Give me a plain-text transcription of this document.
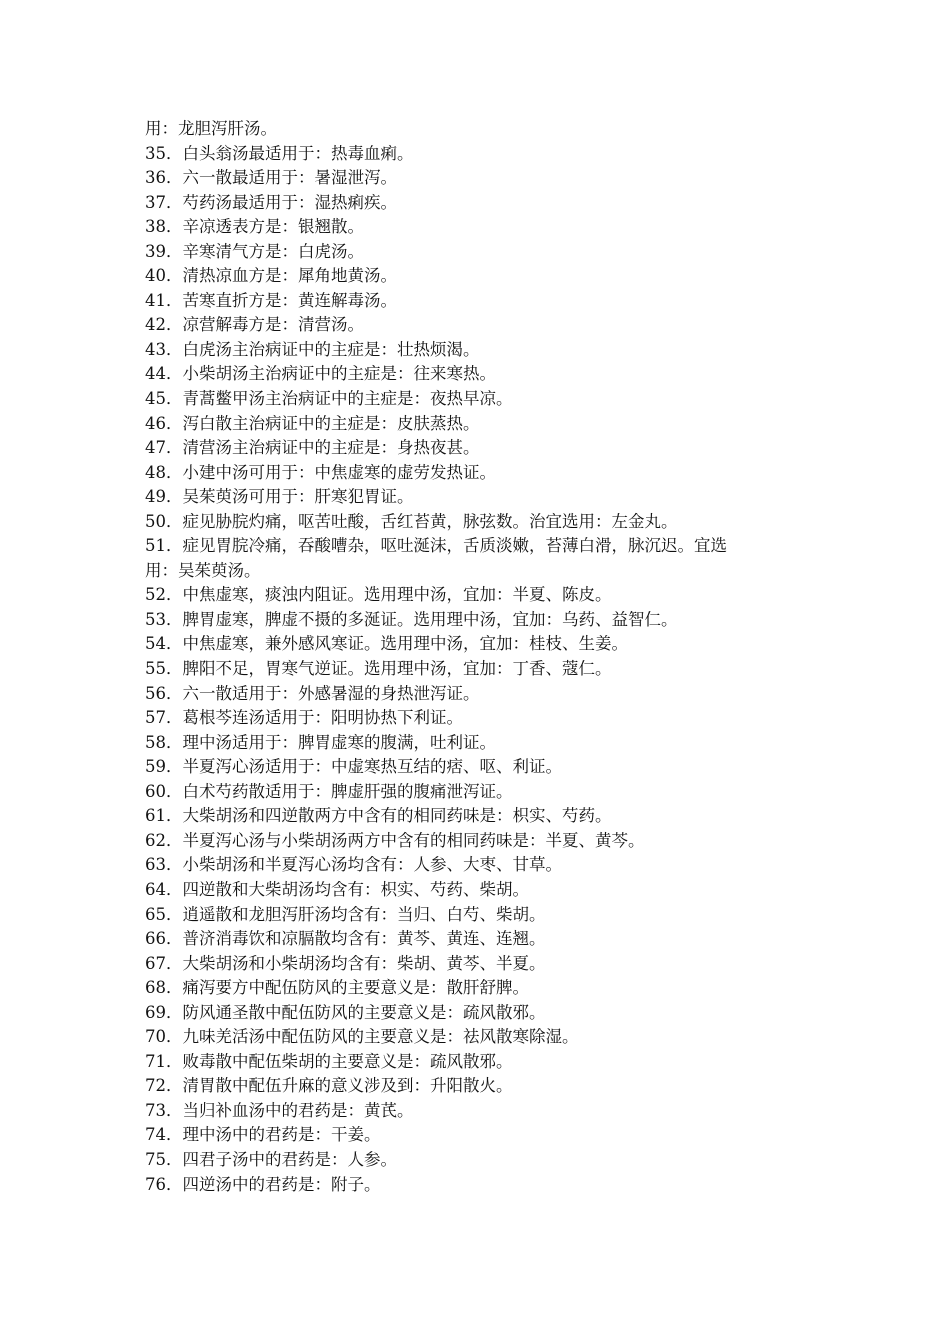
用：龙胆泻肝汤。
35．白头翁汤最适用于：热毒血痢。
36．六一散最适用于：暑湿泄泻。
37．芍药汤最适用于：湿热痢疾。
38．辛凉透表方是：银翘散。
39．辛寒清气方是：白虎汤。
40．清热凉血方是：犀角地黄汤。
41．苦寒直折方是：黄连解毒汤。
42．凉营解毒方是：清营汤。
43．白虎汤主治病证中的主症是：壮热烦渴。
44．小柴胡汤主治病证中的主症是：往来寒热。
45．青蒿鳖甲汤主治病证中的主症是：夜热早凉。
46．泻白散主治病证中的主症是：皮肤蒸热。
47．清营汤主治病证中的主症是：身热夜甚。
48．小建中汤可用于：中焦虚寒的虚劳发热证。
49．吴茱萸汤可用于：肝寒犯胃证。
50．症见胁脘灼痛，呕苦吐酸，舌红苔黄，脉弦数。治宜选用：左金丸。
51．症见胃脘冷痛，吞酸嘈杂，呕吐涎沫，舌质淡嫩，苔薄白滑，脉沉迟。宜选
用：吴茱萸汤。
52．中焦虚寒，痰浊内阻证。选用理中汤，宜加：半夏、陈皮。
53．脾胃虚寒，脾虚不摄的多涎证。选用理中汤，宜加：乌药、益智仁。
54．中焦虚寒，兼外感风寒证。选用理中汤，宜加：桂枝、生姜。
55．脾阳不足，胃寒气逆证。选用理中汤，宜加：丁香、蔻仁。
56．六一散适用于：外感暑湿的身热泄泻证。
57．葛根芩连汤适用于：阳明协热下利证。
58．理中汤适用于：脾胃虚寒的腹满，吐利证。
59．半夏泻心汤适用于：中虚寒热互结的痞、呕、利证。
60．白术芍药散适用于：脾虚肝强的腹痛泄泻证。
61．大柴胡汤和四逆散两方中含有的相同药味是：枳实、芍药。
62．半夏泻心汤与小柴胡汤两方中含有的相同药味是：半夏、黄芩。
63．小柴胡汤和半夏泻心汤均含有：人参、大枣、甘草。
64．四逆散和大柴胡汤均含有：枳实、芍药、柴胡。
65．逍遥散和龙胆泻肝汤均含有：当归、白芍、柴胡。
66．普济消毒饮和凉膈散均含有：黄芩、黄连、连翘。
67．大柴胡汤和小柴胡汤均含有：柴胡、黄芩、半夏。
68．痛泻要方中配伍防风的主要意义是：散肝舒脾。
69．防风通圣散中配伍防风的主要意义是：疏风散邪。
70．九味羌活汤中配伍防风的主要意义是：祛风散寒除湿。
71．败毒散中配伍柴胡的主要意义是：疏风散邪。
72．清胃散中配伍升麻的意义涉及到：升阳散火。
73．当归补血汤中的君药是：黄芪。
74．理中汤中的君药是：干姜。
75．四君子汤中的君药是：人参。
76．四逆汤中的君药是：附子。
